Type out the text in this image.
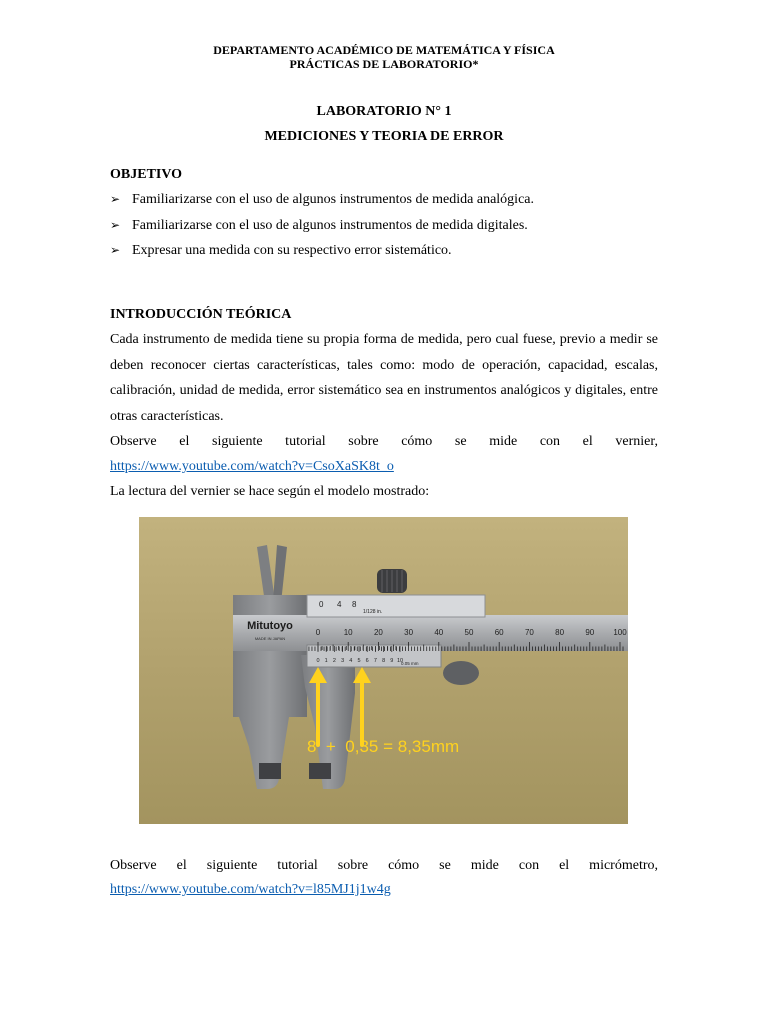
DEPARTAMENTO ACADÉMICO DE MATEMÁTICA Y FÍSICA
PRÁCTICAS DE LABORATORIO*
LABORATORIO N° 1
MEDICIONES Y TEORIA DE ERROR
OBJETIVO
➢ Familiarizarse con el uso de algunos instrumentos de medida analógica.
➢ Familiarizarse con el uso de algunos instrumentos de medida digitales.
➢ Expresar una medida con su respectivo error sistemático.
INTRODUCCIÓN TEÓRICA
Cada instrumento de medida tiene su propia forma de medida, pero cual fuese, previo a medir se deben reconocer ciertas características, tales como: modo de operación, capacidad, escalas, calibración, unidad de medida, error sistemático sea en instrumentos analógicos y digitales, entre otras características.
Observe el siguiente tutorial sobre cómo se mide con el vernier,
https://www.youtube.com/watch?v=CsoXaSK8t_o
La lectura del vernier se hace según el modelo mostrado:
Mitutoyo
MADE IN JAPAN
0 4 8
1/128 in.
0	10	20	30	40	50	60	70	80	90 100
0 1 2 3 4 5 6 7 8 9 10
0.05 mm
8  +  0,35 = 8,35mm
Observe el siguiente tutorial sobre cómo se mide con el micrómetro,
https://www.youtube.com/watch?v=l85MJ1j1w4g
